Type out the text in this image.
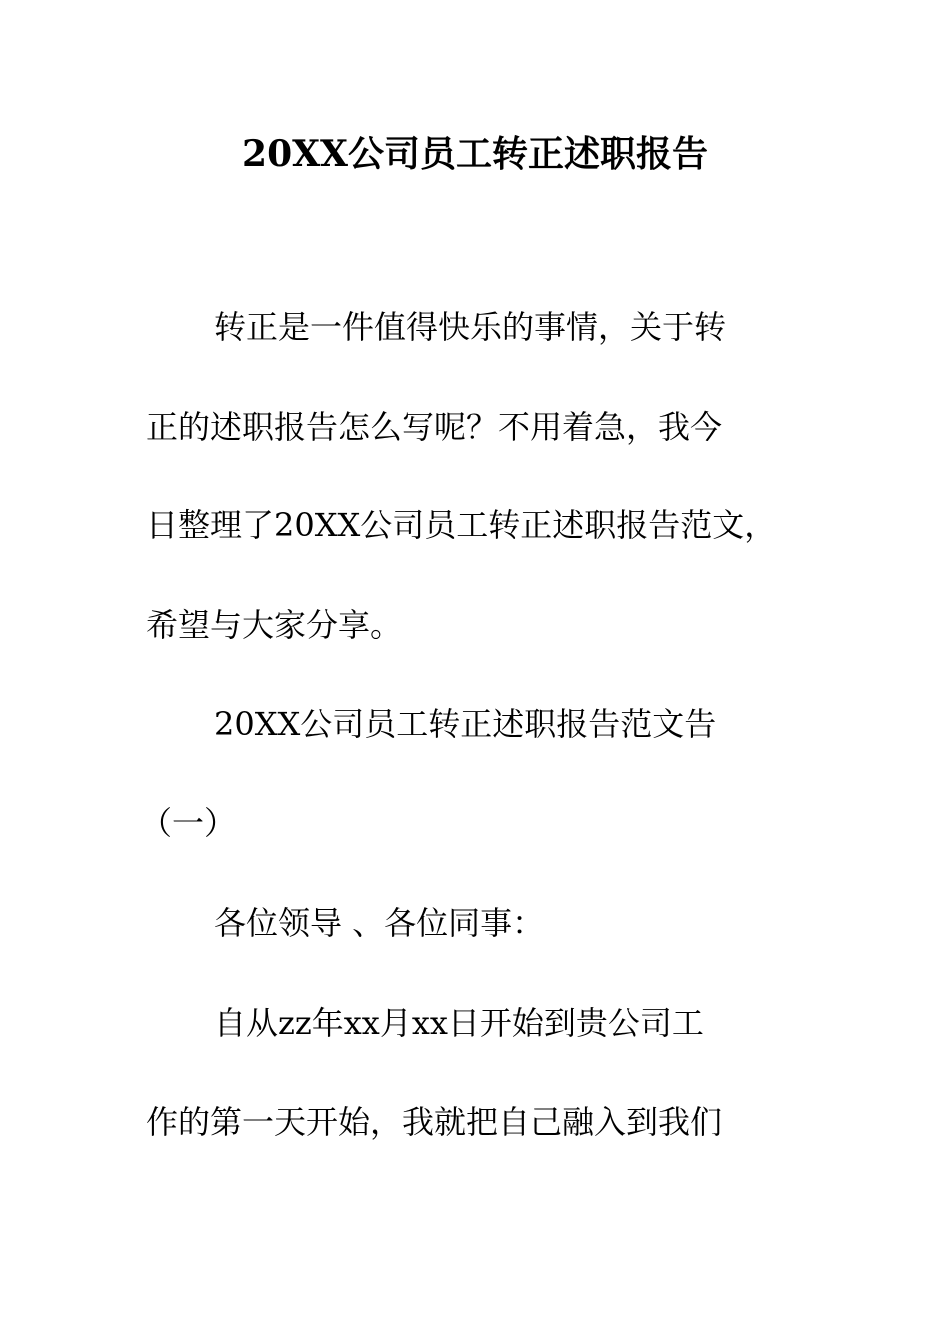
20XX公司员工转正述职报告
转正是一件值得快乐的事情，关于转
正的述职报告怎么写呢？不用着急，我今
日整理了20XX公司员工转正述职报告范文，
希望与大家分享。
20XX公司员工转正述职报告范文告
（一）
各位领导 、各位同事：
自从zz年xx月xx日开始到贵公司工
作的第一天开始，我就把自己融入到我们
